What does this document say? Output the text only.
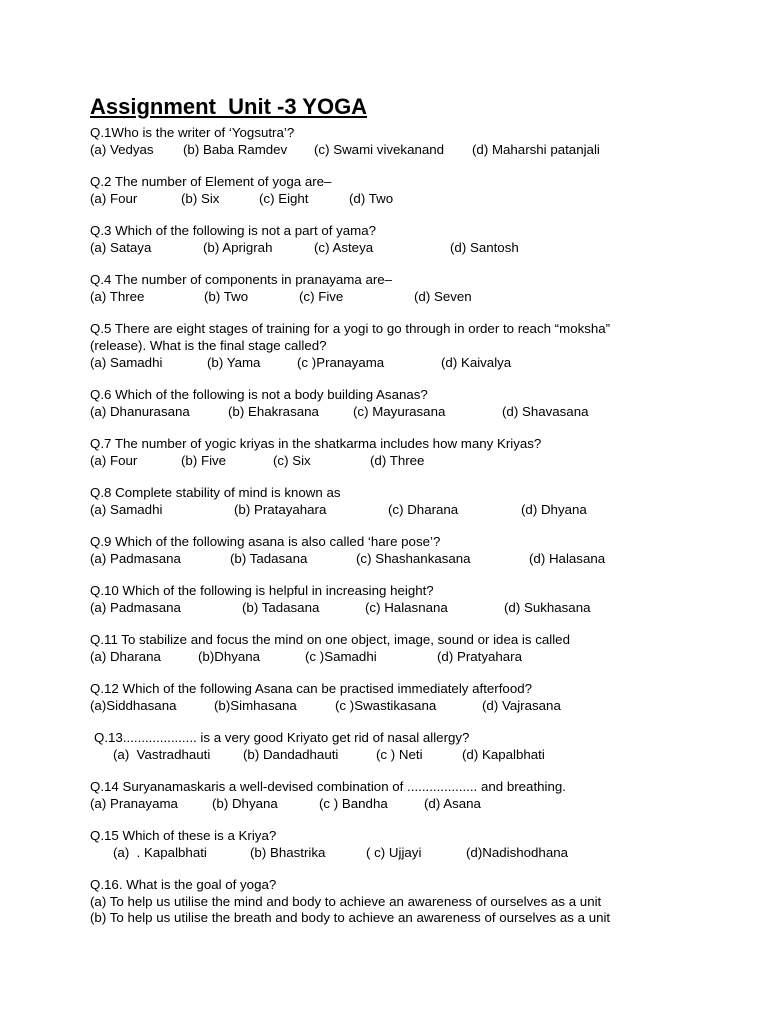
Assignment  Unit -3 YOGA
Q.1Who is the writer of ‘Yogsutra’?
(a) Vedyas (b) Baba Ramdev (c) Swami vivekanand (d) Maharshi patanjali
Q.2 The number of Element of yoga are–
(a) Four	(b) Six	(c) Eight	(d) Two
Q.3 Which of the following is not a part of yama?
(a) Sataya	(b) Aprigrah	(c) Asteya	(d) Santosh
Q.4 The number of components in pranayama are–
(a) Three	(b) Two	(c) Five	(d) Seven
Q.5 There are eight stages of training for a yogi to go through in order to reach “moksha”
(release). What is the final stage called?
(a) Samadhi	(b) Yama	(c )Pranayama	(d) Kaivalya
Q.6 Which of the following is not a body building Asanas?
(a) Dhanurasana	(b) Ehakrasana	(c) Mayurasana	(d) Shavasana
Q.7 The number of yogic kriyas in the shatkarma includes how many Kriyas?
(a) Four	(b) Five	(c) Six	(d) Three
Q.8 Complete stability of mind is known as
(a) Samadhi	(b) Pratayahara	(c) Dharana	(d) Dhyana
Q.9 Which of the following asana is also called ‘hare pose’?
(a) Padmasana	(b) Tadasana	(c) Shashankasana	(d) Halasana
Q.10 Which of the following is helpful in increasing height?
(a) Padmasana	(b) Tadasana	(c) Halasnana	(d) Sukhasana
Q.11 To stabilize and focus the mind on one object, image, sound or idea is called
(a) Dharana	(b)Dhyana	(c )Samadhi	(d) Pratyahara
Q.12 Which of the following Asana can be practised immediately afterfood?
(a)Siddhasana	(b)Simhasana	(c )Swastikasana	(d) Vajrasana
Q.13.................... is a very good Kriyato get rid of nasal allergy?
(a)  Vastradhauti (b) Dandadhauti	(c ) Neti	(d) Kapalbhati
Q.14 Suryanamaskaris a well-devised combination of ................... and breathing.
(a) Pranayama	(b) Dhyana	(c ) Bandha	(d) Asana
Q.15 Which of these is a Kriya?
(a)  . Kapalbhati	(b) Bhastrika	( c) Ujjayi	(d)Nadishodhana
Q.16. What is the goal of yoga?
(a) To help us utilise the mind and body to achieve an awareness of ourselves as a unit
(b) To help us utilise the breath and body to achieve an awareness of ourselves as a unit
